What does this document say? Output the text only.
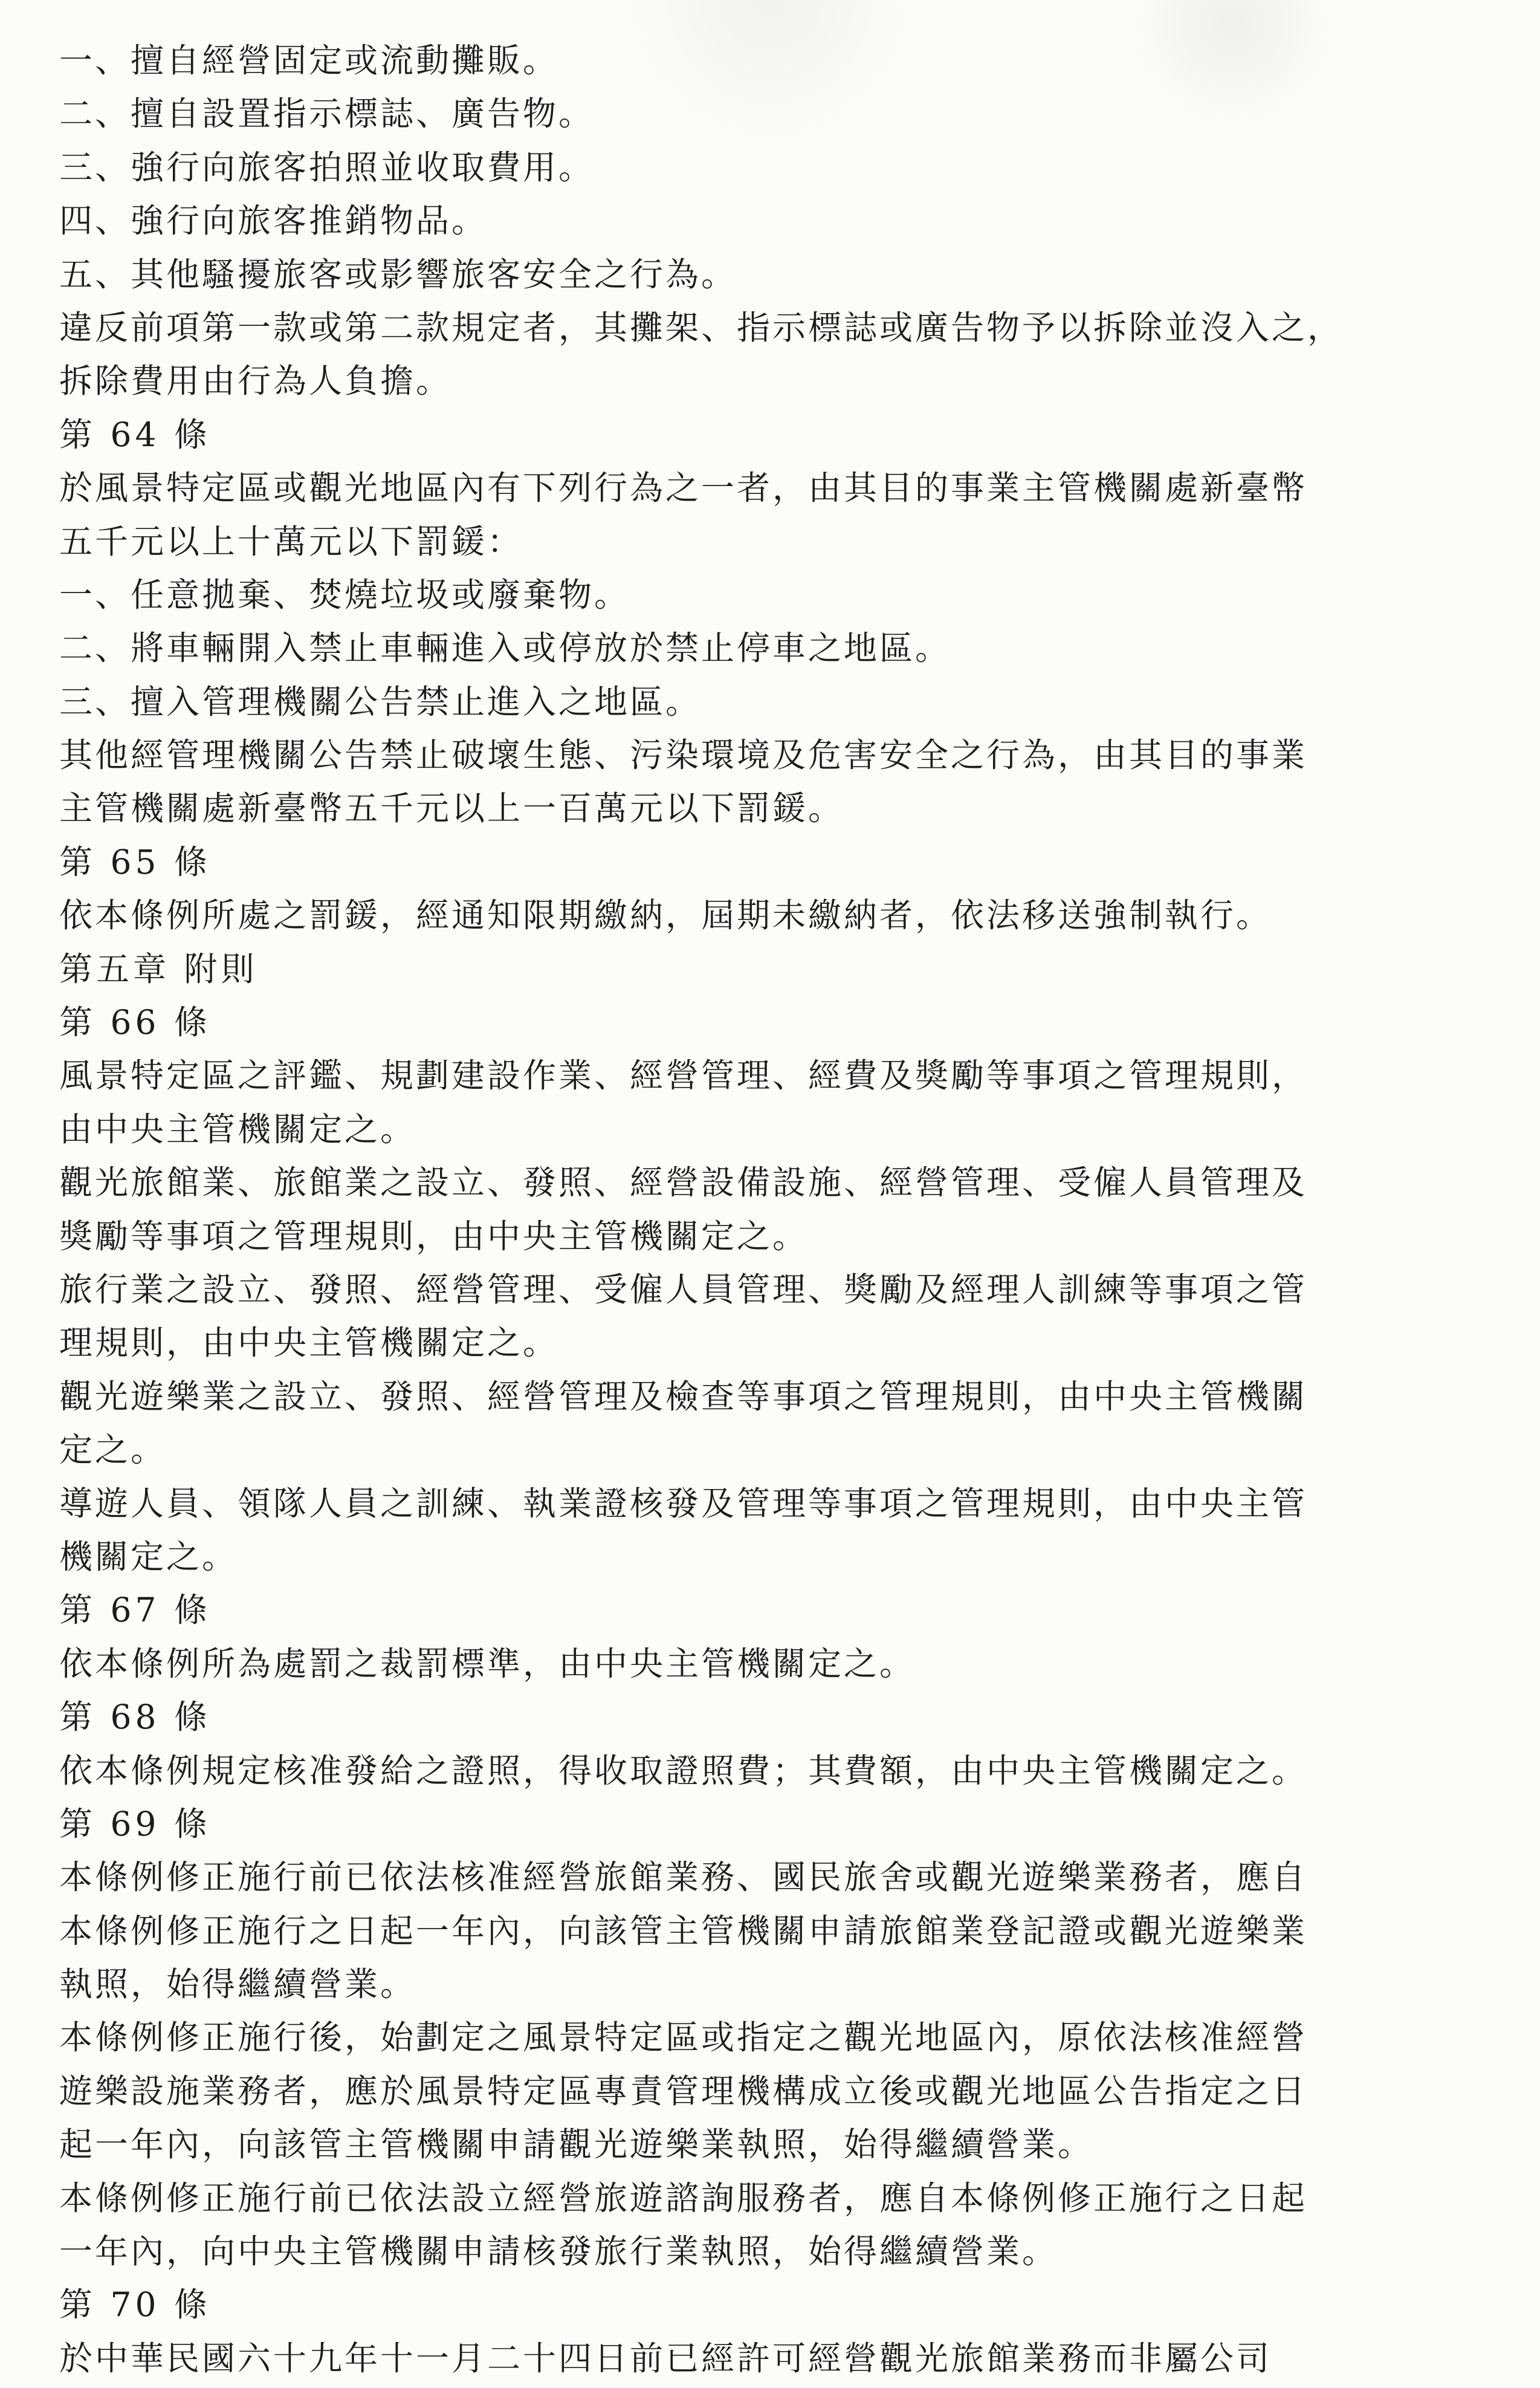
一、擅自經營固定或流動攤販。
二、擅自設置指示標誌、廣告物。
三、強行向旅客拍照並收取費用。
四、強行向旅客推銷物品。
五、其他騷擾旅客或影響旅客安全之行為。
違反前項第一款或第二款規定者，其攤架、指示標誌或廣告物予以拆除並沒入之，
拆除費用由行為人負擔。
第 64 條
於風景特定區或觀光地區內有下列行為之一者，由其目的事業主管機關處新臺幣
五千元以上十萬元以下罰鍰：
一、任意拋棄、焚燒垃圾或廢棄物。
二、將車輛開入禁止車輛進入或停放於禁止停車之地區。
三、擅入管理機關公告禁止進入之地區。
其他經管理機關公告禁止破壞生態、污染環境及危害安全之行為，由其目的事業
主管機關處新臺幣五千元以上一百萬元以下罰鍰。
第 65 條
依本條例所處之罰鍰，經通知限期繳納，屆期未繳納者，依法移送強制執行。
第五章 附則
第 66 條
風景特定區之評鑑、規劃建設作業、經營管理、經費及獎勵等事項之管理規則，
由中央主管機關定之。
觀光旅館業、旅館業之設立、發照、經營設備設施、經營管理、受僱人員管理及
獎勵等事項之管理規則，由中央主管機關定之。
旅行業之設立、發照、經營管理、受僱人員管理、獎勵及經理人訓練等事項之管
理規則，由中央主管機關定之。
觀光遊樂業之設立、發照、經營管理及檢查等事項之管理規則，由中央主管機關
定之。
導遊人員、領隊人員之訓練、執業證核發及管理等事項之管理規則，由中央主管
機關定之。
第 67 條
依本條例所為處罰之裁罰標準，由中央主管機關定之。
第 68 條
依本條例規定核准發給之證照，得收取證照費；其費額，由中央主管機關定之。
第 69 條
本條例修正施行前已依法核准經營旅館業務、國民旅舍或觀光遊樂業務者，應自
本條例修正施行之日起一年內，向該管主管機關申請旅館業登記證或觀光遊樂業
執照，始得繼續營業。
本條例修正施行後，始劃定之風景特定區或指定之觀光地區內，原依法核准經營
遊樂設施業務者，應於風景特定區專責管理機構成立後或觀光地區公告指定之日
起一年內，向該管主管機關申請觀光遊樂業執照，始得繼續營業。
本條例修正施行前已依法設立經營旅遊諮詢服務者，應自本條例修正施行之日起
一年內，向中央主管機關申請核發旅行業執照，始得繼續營業。
第 70 條
於中華民國六十九年十一月二十四日前已經許可經營觀光旅館業務而非屬公司
